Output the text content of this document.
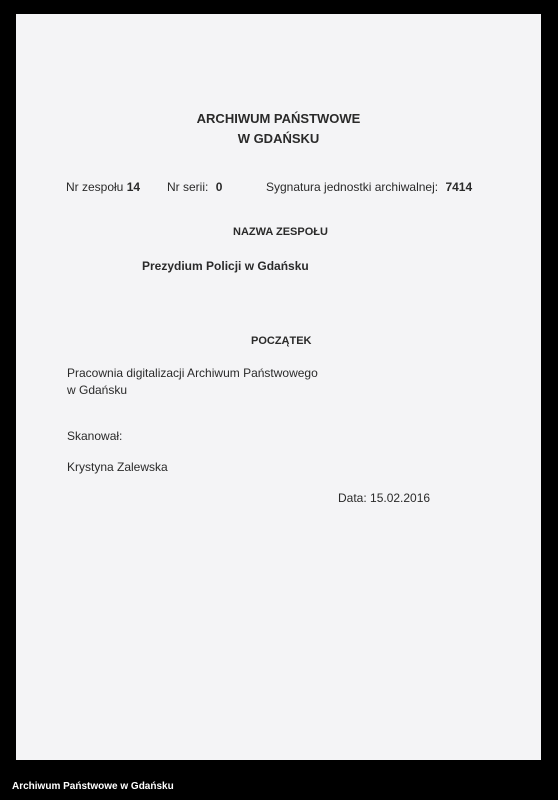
ARCHIWUM PAŃSTWOWE
W GDAŃSKU
Nr zespołu 14 Nr serii: 0	Sygnatura jednostki archiwalnej: 7414
NAZWA ZESPOŁU
Prezydium Policji w Gdańsku
POCZĄTEK
Pracownia digitalizacji Archiwum Państwowego
w Gdańsku
Skanował:
Krystyna Zalewska
Data: 15.02.2016
Archiwum Państwowe w Gdańsku
